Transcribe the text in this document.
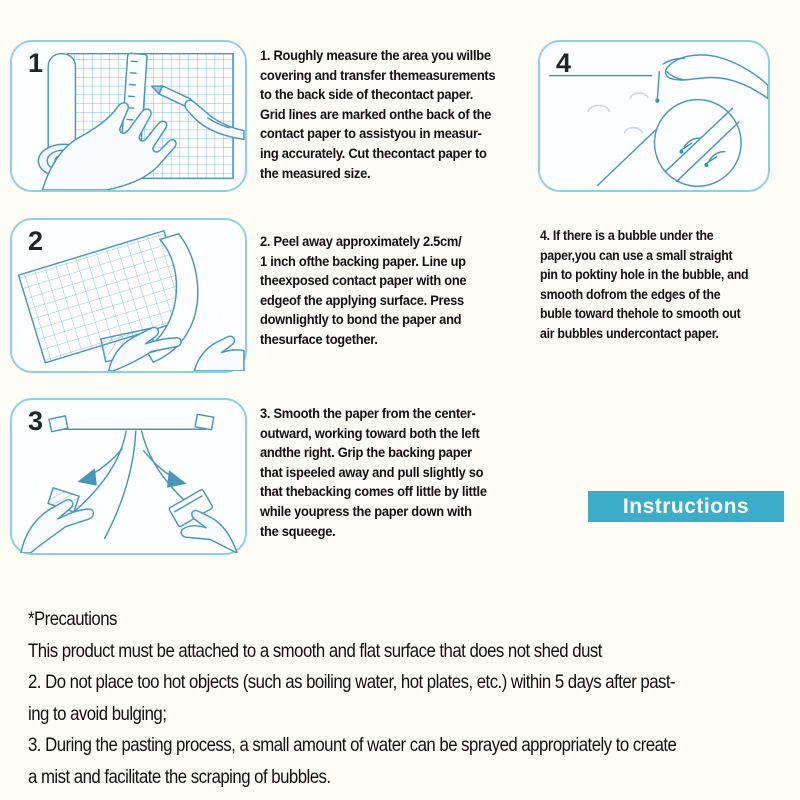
1	1. Roughly measure the area you willbe
covering and transfer themeasurements
to the back side of thecontact paper.
Grid lines are marked onthe back of the
contact paper to assistyou in measur-
ing accurately. Cut thecontact paper to
the measured size.
4
4. If there is a bubble under the
paper,you can use a small straight
pin to poktiny hole in the bubble, and
smooth dofrom the edges of the
buble toward thehole to smooth out
air bubbles undercontact paper.
2	2. Peel away approximately 2.5cm/
1 inch ofthe backing paper. Line up
theexposed contact paper with one
edgeof the applying surface. Press
downlightly to bond the paper and
thesurface together.
3	3. Smooth the paper from the center-
outward, working toward both the left
andthe right. Grip the backing paper
that ispeeled away and pull slightly so
that thebacking comes off little by little
while youpress the paper down with
the squeege.
Instructions
*Precautions
This product must be attached to a smooth and flat surface that does not shed dust
2. Do not place too hot objects (such as boiling water, hot plates, etc.) within 5 days after past-
ing to avoid bulging;
3. During the pasting process, a small amount of water can be sprayed appropriately to create
a mist and facilitate the scraping of bubbles.
